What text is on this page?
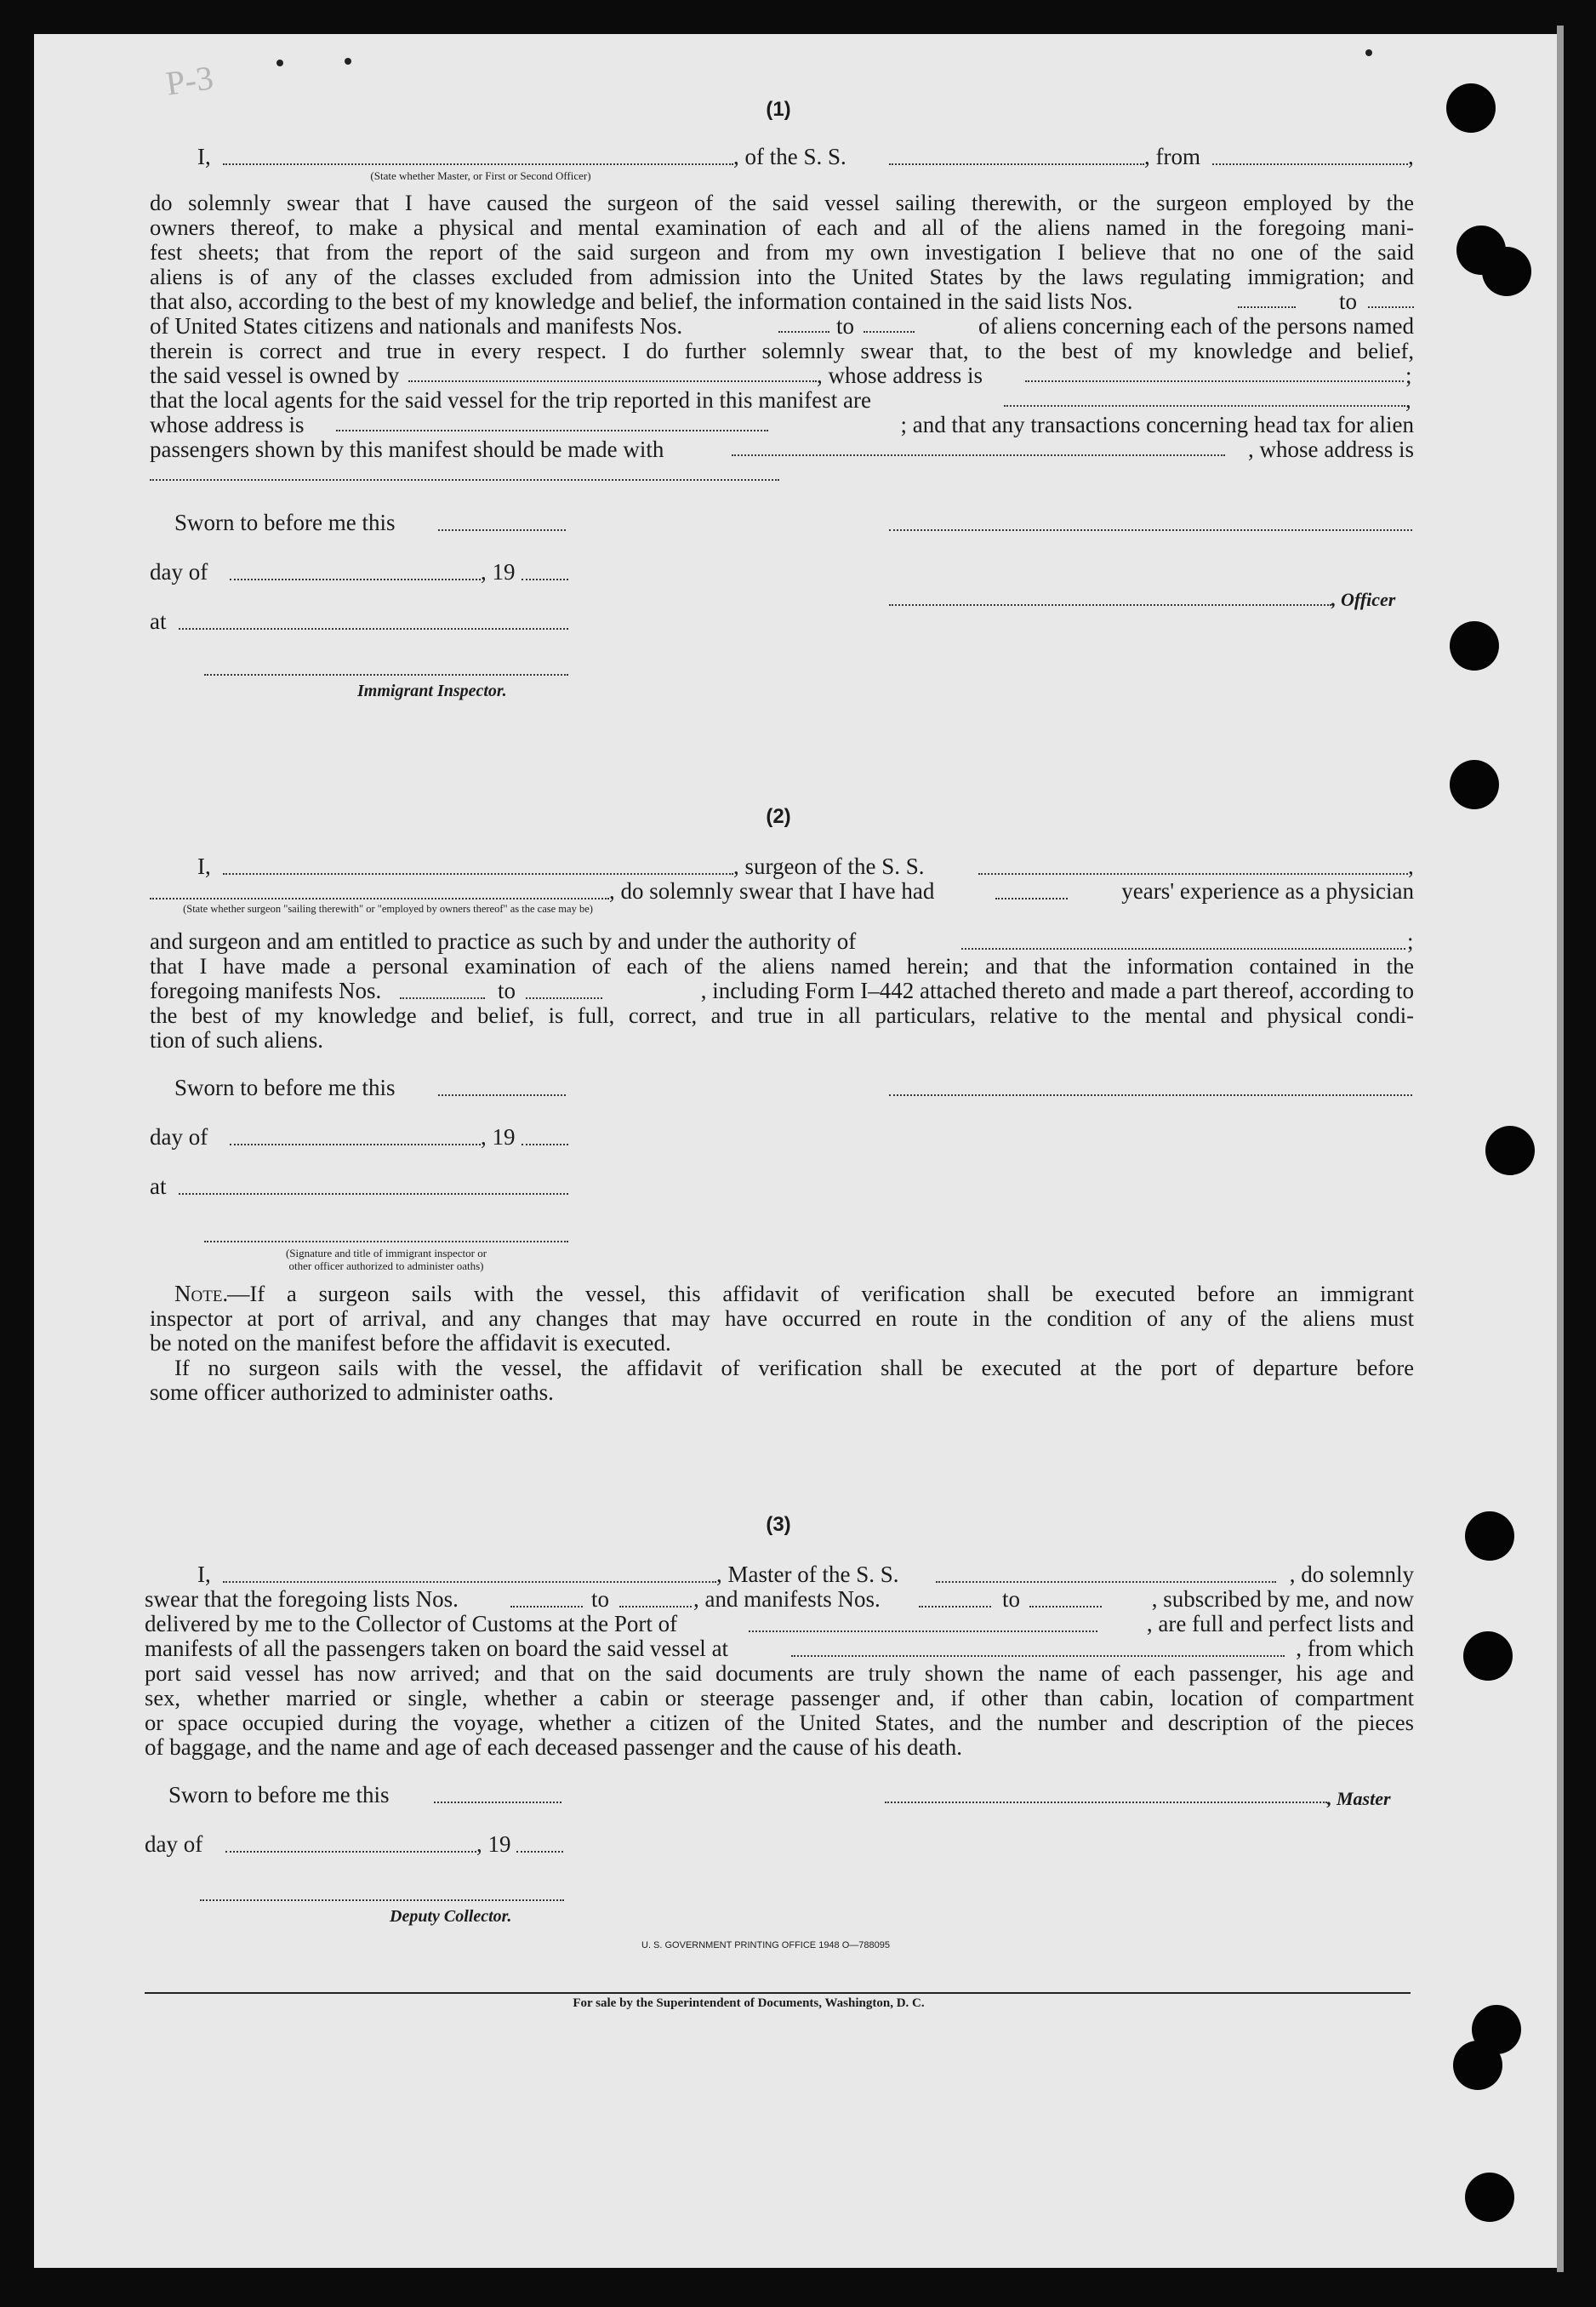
P-3
(1)
I,	, of the S. S.	, from	,
(State whether Master, or First or Second Officer)
do solemnly swear that I have caused the surgeon of the said vessel sailing therewith, or the surgeon employed by the
owners thereof, to make a physical and mental examination of each and all of the aliens named in the foregoing mani-
fest sheets; that from the report of the said surgeon and from my own investigation I believe that no one of the said
aliens is of any of the classes excluded from admission into the United States by the laws regulating immigration; and
that also, according to the best of my knowledge and belief, the information contained in the said lists Nos.	to
of United States citizens and nationals and manifests Nos.	to	of aliens concerning each of the persons named
therein is correct and true in every respect. I do further solemnly swear that, to the best of my knowledge and belief,
the said vessel is owned by	, whose address is	;
that the local agents for the said vessel for the trip reported in this manifest are	,
whose address is	; and that any transactions concerning head tax for alien
passengers shown by this manifest should be made with	, whose address is
Sworn to before me this
day of	, 19
, Officer
at
Immigrant Inspector.
(2)
I,	, surgeon of the S. S.	,
, do solemnly swear that I have had	years' experience as a physician
(State whether surgeon "sailing therewith" or "employed by owners thereof" as the case may be)
and surgeon and am entitled to practice as such by and under the authority of	;
that I have made a personal examination of each of the aliens named herein; and that the information contained in the
foregoing manifests Nos.	to	, including Form I–442 attached thereto and made a part thereof, according to
the best of my knowledge and belief, is full, correct, and true in all particulars, relative to the mental and physical condi-
tion of such aliens.
Sworn to before me this
day of	, 19
at
(Signature and title of immigrant inspector or
other officer authorized to administer oaths)
Note.
—If a surgeon sails with the vessel, this affidavit of verification shall be executed before an immigrant
inspector at port of arrival, and any changes that may have occurred en route in the condition of any of the aliens must
be noted on the manifest before the affidavit is executed.
If no surgeon sails with the vessel, the affidavit of verification shall be executed at the port of departure before
some officer authorized to administer oaths.
(3)
I,	, Master of the S. S.	, do solemnly
swear that the foregoing lists Nos.	to	, and manifests Nos.	to	, subscribed by me, and now
delivered by me to the Collector of Customs at the Port of	, are full and perfect lists and
manifests of all the passengers taken on board the said vessel at	, from which
port said vessel has now arrived; and that on the said documents are truly shown the name of each passenger, his age and
sex, whether married or single, whether a cabin or steerage passenger and, if other than cabin, location of compartment
or space occupied during the voyage, whether a citizen of the United States, and the number and description of the pieces
of baggage, and the name and age of each deceased passenger and the cause of his death.
Sworn to before me this	, Master
day of	, 19
Deputy Collector.
U. S. GOVERNMENT PRINTING OFFICE 1948 O—788095
For sale by the Superintendent of Documents, Washington, D. C.
